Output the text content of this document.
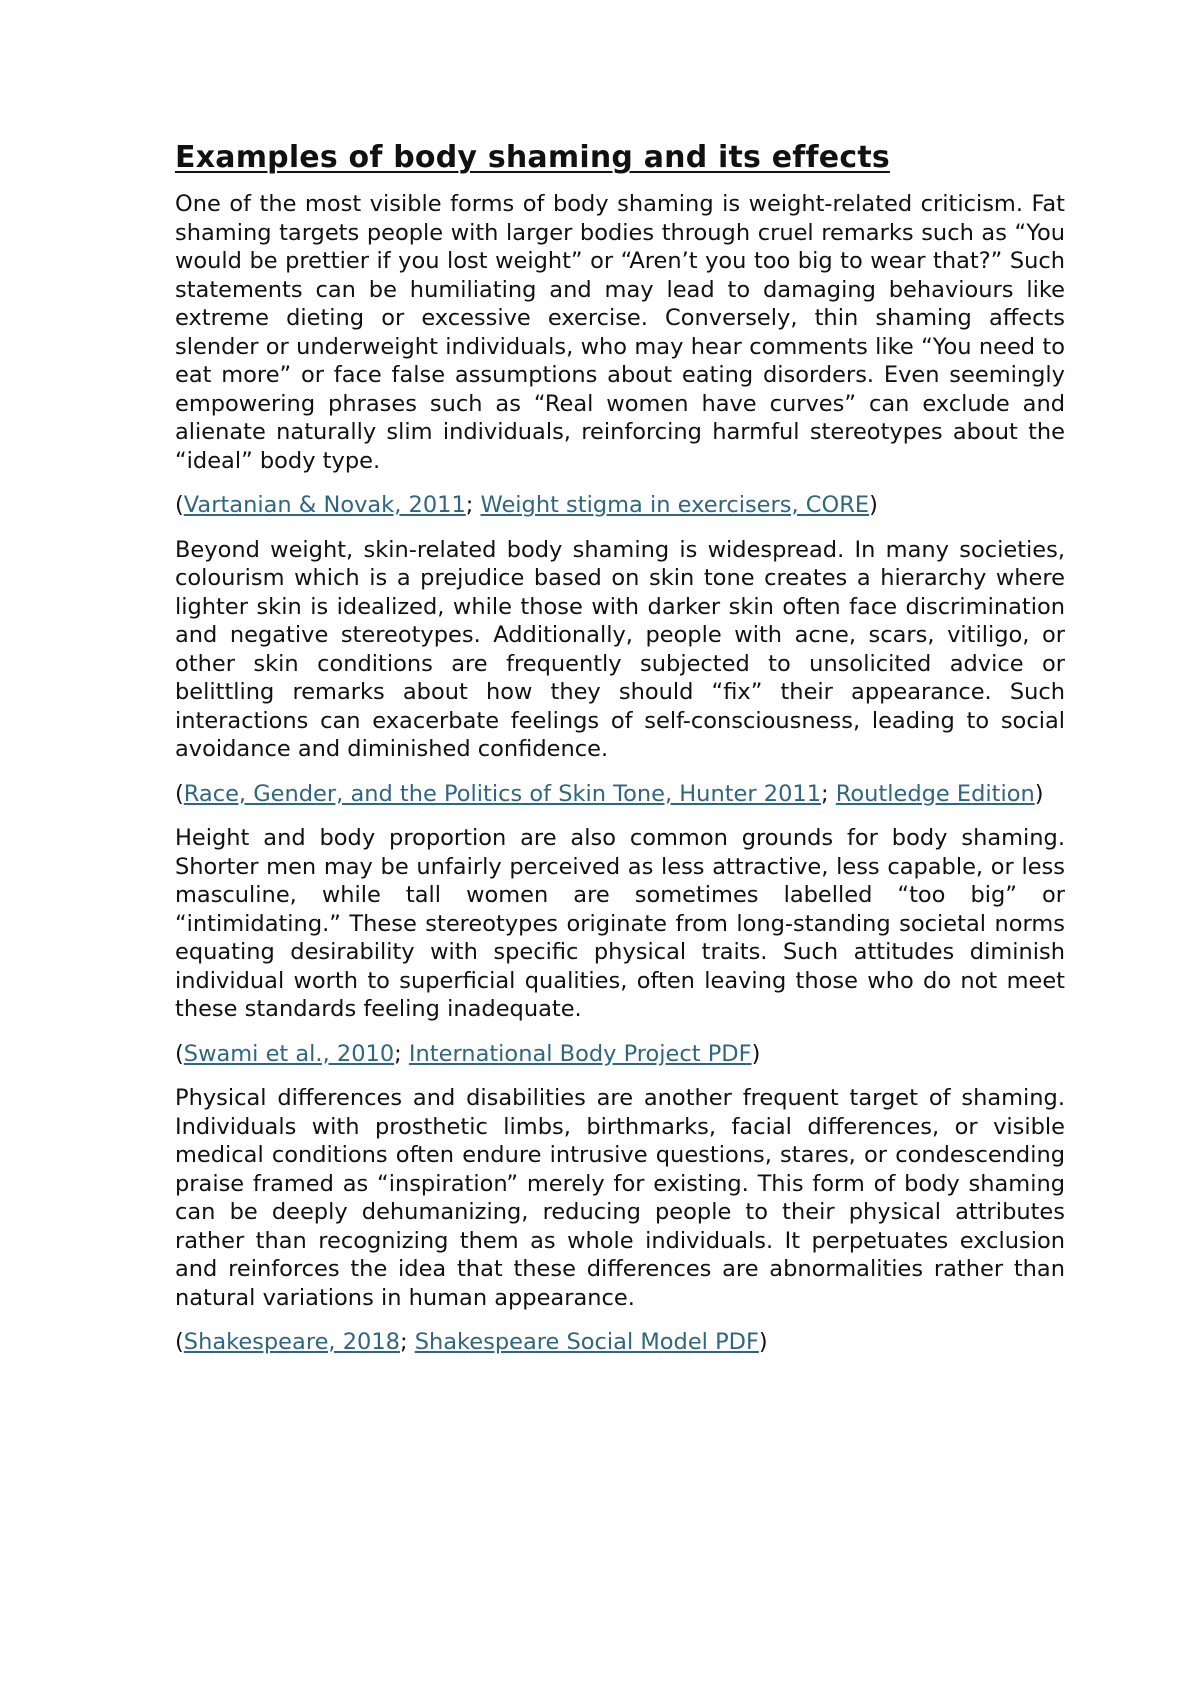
Examples of body shaming and its effects

One of the most visible forms of body shaming is weight-related criticism. Fat shaming targets people with larger bodies through cruel remarks such as “You would be prettier if you lost weight” or “Aren’t you too big to wear that?” Such statements can be humiliating and may lead to damaging behaviours like extreme dieting or excessive exercise. Conversely, thin shaming affects slender or underweight individuals, who may hear comments like “You need to eat more” or face false assumptions about eating disorders. Even seemingly empowering phrases such as “Real women have curves” can exclude and alienate naturally slim individuals, reinforcing harmful stereotypes about the “ideal” body type.

(Vartanian & Novak, 2011; Weight stigma in exercisers, CORE)

Beyond weight, skin-related body shaming is widespread. In many societies, colourism which is a prejudice based on skin tone creates a hierarchy where lighter skin is idealized, while those with darker skin often face discrimination and negative stereotypes. Additionally, people with acne, scars, vitiligo, or other skin conditions are frequently subjected to unsolicited advice or belittling remarks about how they should “fix” their appearance. Such interactions can exacerbate feelings of self-consciousness, leading to social avoidance and diminished confidence.

(Race, Gender, and the Politics of Skin Tone, Hunter 2011; Routledge Edition)

Height and body proportion are also common grounds for body shaming. Shorter men may be unfairly perceived as less attractive, less capable, or less masculine, while tall women are sometimes labelled “too big” or “intimidating.” These stereotypes originate from long-standing societal norms equating desirability with specific physical traits. Such attitudes diminish individual worth to superficial qualities, often leaving those who do not meet these standards feeling inadequate.

(Swami et al., 2010; International Body Project PDF)

Physical differences and disabilities are another frequent target of shaming. Individuals with prosthetic limbs, birthmarks, facial differences, or visible medical conditions often endure intrusive questions, stares, or condescending praise framed as “inspiration” merely for existing. This form of body shaming can be deeply dehumanizing, reducing people to their physical attributes rather than recognizing them as whole individuals. It perpetuates exclusion and reinforces the idea that these differences are abnormalities rather than natural variations in human appearance.

(Shakespeare, 2018; Shakespeare Social Model PDF)
